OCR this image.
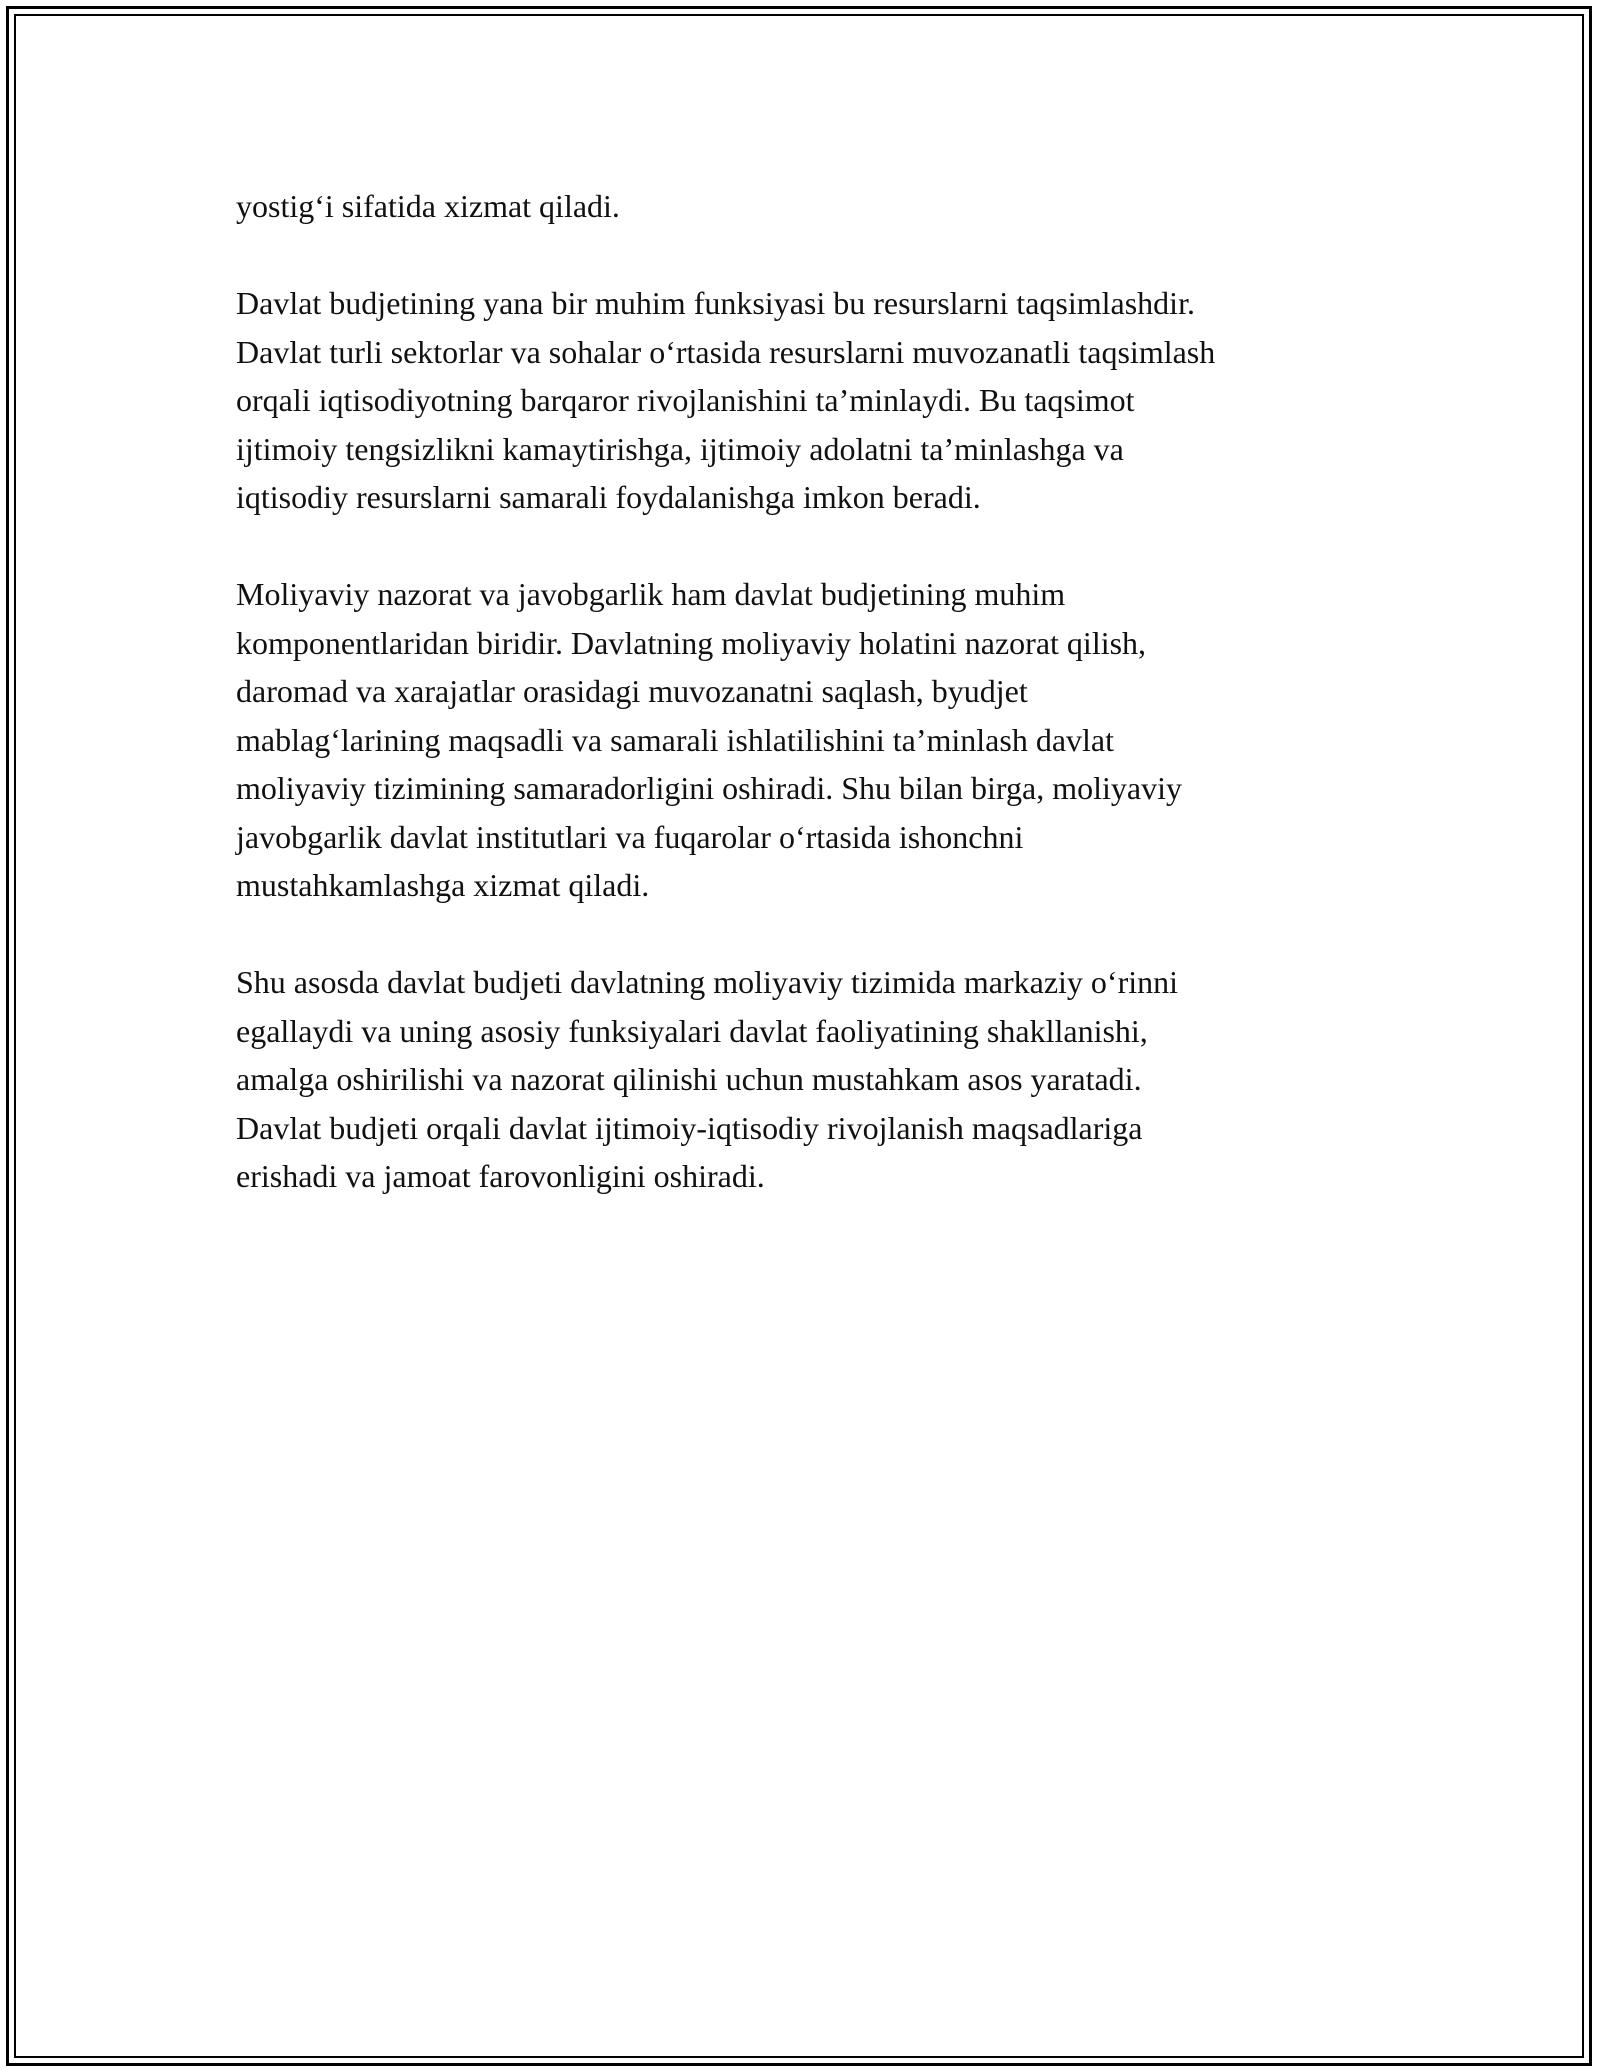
yostig‘i sifatida xizmat qiladi.

Davlat budjetining yana bir muhim funksiyasi bu resurslarni taqsimlashdir.
Davlat turli sektorlar va sohalar o‘rtasida resurslarni muvozanatli taqsimlash
orqali iqtisodiyotning barqaror rivojlanishini ta’minlaydi. Bu taqsimot
ijtimoiy tengsizlikni kamaytirishga, ijtimoiy adolatni ta’minlashga va
iqtisodiy resurslarni samarali foydalanishga imkon beradi.

Moliyaviy nazorat va javobgarlik ham davlat budjetining muhim
komponentlaridan biridir. Davlatning moliyaviy holatini nazorat qilish,
daromad va xarajatlar orasidagi muvozanatni saqlash, byudjet
mablag‘larining maqsadli va samarali ishlatilishini ta’minlash davlat
moliyaviy tizimining samaradorligini oshiradi. Shu bilan birga, moliyaviy
javobgarlik davlat institutlari va fuqarolar o‘rtasida ishonchni
mustahkamlashga xizmat qiladi.

Shu asosda davlat budjeti davlatning moliyaviy tizimida markaziy o‘rinni
egallaydi va uning asosiy funksiyalari davlat faoliyatining shakllanishi,
amalga oshirilishi va nazorat qilinishi uchun mustahkam asos yaratadi.
Davlat budjeti orqali davlat ijtimoiy-iqtisodiy rivojlanish maqsadlariga
erishadi va jamoat farovonligini oshiradi.
